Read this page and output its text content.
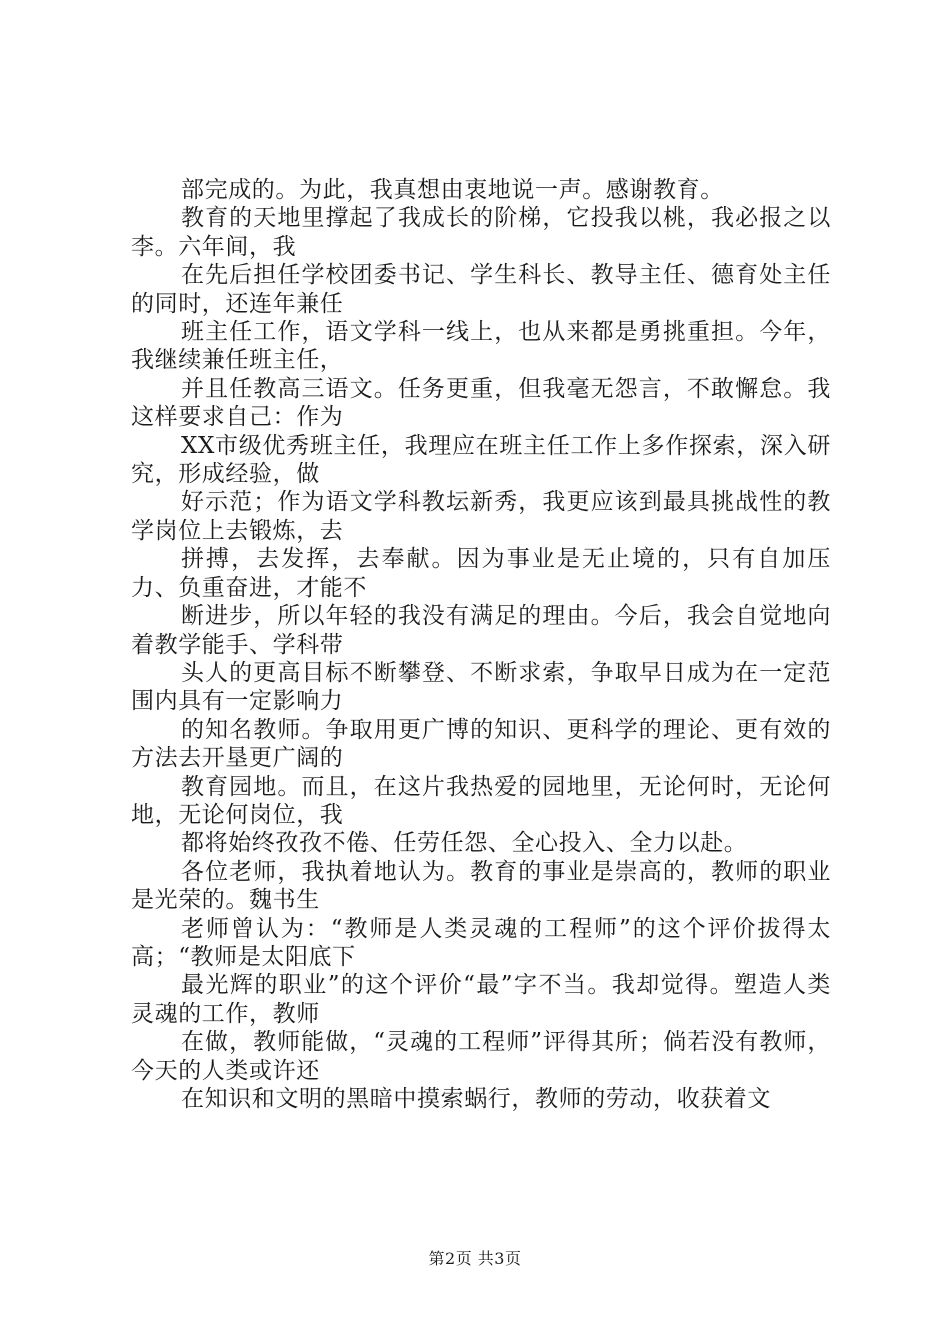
部完成的。为此，我真想由衷地说一声。感谢教育。

教育的天地里撑起了我成长的阶梯，它投我以桃，我必报之以李。六年间，我

在先后担任学校团委书记、学生科长、教导主任、德育处主任的同时，还连年兼任

班主任工作，语文学科一线上，也从来都是勇挑重担。今年，我继续兼任班主任，

并且任教高三语文。任务更重，但我毫无怨言，不敢懈怠。我这样要求自己：作为

XX市级优秀班主任，我理应在班主任工作上多作探索，深入研究，形成经验，做

好示范；作为语文学科教坛新秀，我更应该到最具挑战性的教学岗位上去锻炼，去

拼搏，去发挥，去奉献。因为事业是无止境的，只有自加压力、负重奋进，才能不

断进步，所以年轻的我没有满足的理由。今后，我会自觉地向着教学能手、学科带

头人的更高目标不断攀登、不断求索，争取早日成为在一定范围内具有一定影响力

的知名教师。争取用更广博的知识、更科学的理论、更有效的方法去开垦更广阔的

教育园地。而且，在这片我热爱的园地里，无论何时，无论何地，无论何岗位，我

都将始终孜孜不倦、任劳任怨、全心投入、全力以赴。

各位老师，我执着地认为。教育的事业是崇高的，教师的职业是光荣的。魏书生

老师曾认为：“教师是人类灵魂的工程师”的这个评价拔得太高；“教师是太阳底下

最光辉的职业”的这个评价“最”字不当。我却觉得。塑造人类灵魂的工作，教师

在做，教师能做，“灵魂的工程师”评得其所；倘若没有教师，今天的人类或许还

在知识和文明的黑暗中摸索蜗行，教师的劳动，收获着文

第2页 共3页
